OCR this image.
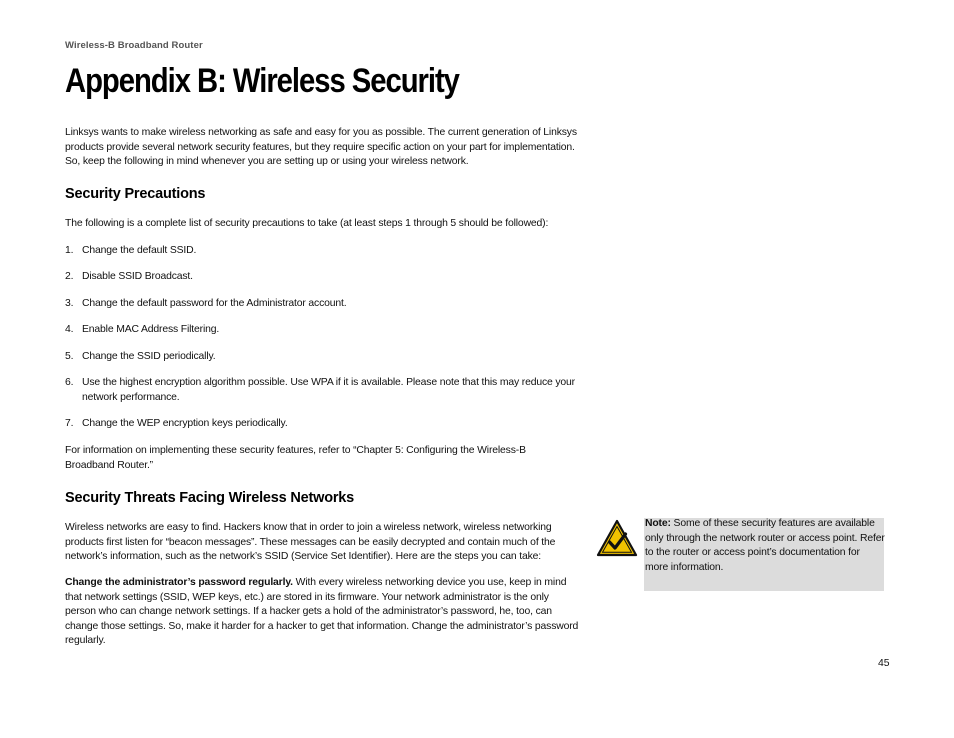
Wireless-B Broadband Router
Appendix B: Wireless Security

Linksys wants to make wireless networking as safe and easy for you as possible. The current generation of Linksys products provide several network security features, but they require specific action on your part for implementation. So, keep the following in mind whenever you are setting up or using your wireless network.

Security Precautions

The following is a complete list of security precautions to take (at least steps 1 through 5 should be followed):

1. Change the default SSID.
2. Disable SSID Broadcast.
3. Change the default password for the Administrator account.
4. Enable MAC Address Filtering.
5. Change the SSID periodically.
6. Use the highest encryption algorithm possible. Use WPA if it is available. Please note that this may reduce your network performance.
7. Change the WEP encryption keys periodically.

For information on implementing these security features, refer to “Chapter 5: Configuring the Wireless-B Broadband Router.”

Security Threats Facing Wireless Networks

Wireless networks are easy to find. Hackers know that in order to join a wireless network, wireless networking products first listen for “beacon messages”. These messages can be easily decrypted and contain much of the network’s information, such as the network’s SSID (Service Set Identifier). Here are the steps you can take:

Change the administrator’s password regularly. With every wireless networking device you use, keep in mind that network settings (SSID, WEP keys, etc.) are stored in its firmware. Your network administrator is the only person who can change network settings. If a hacker gets a hold of the administrator’s password, he, too, can change those settings. So, make it harder for a hacker to get that information. Change the administrator’s password regularly.

Note: Some of these security features are available only through the network router or access point. Refer to the router or access point’s documentation for more information.

45
